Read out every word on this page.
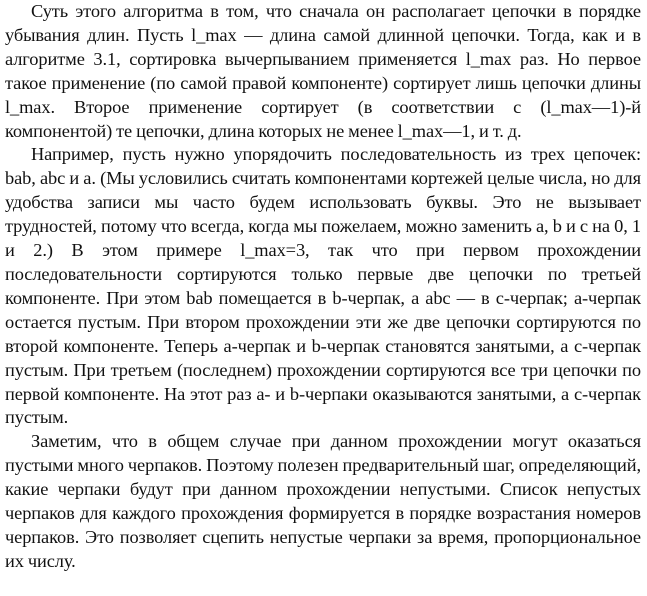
Суть этого алгоритма в том, что сначала он располагает цепочки в порядке убывания длин. Пусть l_max — длина самой длинной цепочки. Тогда, как и в алгоритме 3.1, сортировка вычерпыванием применяется l_max раз. Но первое такое применение (по самой правой компоненте) сортирует лишь цепочки длины l_max. Второе применение сортирует (в соответствии с (l_max—1)-й компонентой) те цепочки, длина которых не менее l_max—1, и т. д.

Например, пусть нужно упорядочить последовательность из трех цепочек: bab, abc и a. (Мы условились считать компонентами кортежей целые числа, но для удобства записи мы часто будем использовать буквы. Это не вызывает трудностей, потому что всегда, когда мы пожелаем, можно заменить a, b и c на 0, 1 и 2.) В этом примере l_max=3, так что при первом прохождении последовательности сортируются только первые две цепочки по третьей компоненте. При этом bab помещается в b-черпак, а abc — в c-черпак; a-черпак остается пустым. При втором прохождении эти же две цепочки сортируются по второй компоненте. Теперь a-черпак и b-черпак становятся занятыми, а c-черпак пустым. При третьем (последнем) прохождении сортируются все три цепочки по первой компоненте. На этот раз a- и b-черпаки оказываются занятыми, а c-черпак пустым.

Заметим, что в общем случае при данном прохождении могут оказаться пустыми много черпаков. Поэтому полезен предварительный шаг, определяющий, какие черпаки будут при данном прохождении непустыми. Список непустых черпаков для каждого прохождения формируется в порядке возрастания номеров черпаков. Это позволяет сцепить непустые черпаки за время, пропорциональное их числу.
